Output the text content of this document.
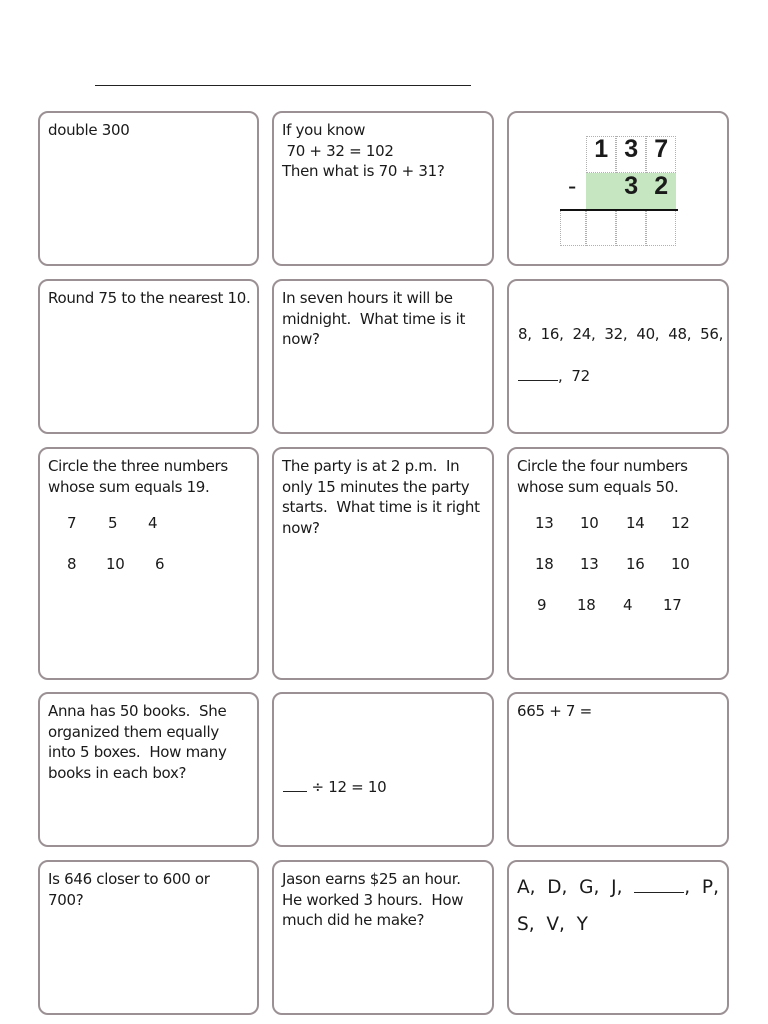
double 300	If you know
70 + 32 = 102
Then what is 70 + 31?
1 3 7
- 3 2
Round 75 to the nearest 10. In seven hours it will be
midnight.  What time is it
now?	8,  16,  24,  32,  40,  48,  56,
,  72
Circle the three numbers
whose sum equals 19.
7 5 4
8 10 6
The party is at 2 p.m.  In
only 15 minutes the party
starts.  What time is it right
now?
Circle the four numbers
whose sum equals 50.
13 10 14 12
18 13 16 10
9 18 4 17
Anna has 50 books.  She
organized them equally
into 5 boxes.  How many
books in each box?
÷ 12 = 10
665 + 7 =
Is 646 closer to 600 or
700?
Jason earns $25 an hour.
He worked 3 hours.  How
much did he make?
A,  D,  G,  J,	,  P,
S,  V,  Y
